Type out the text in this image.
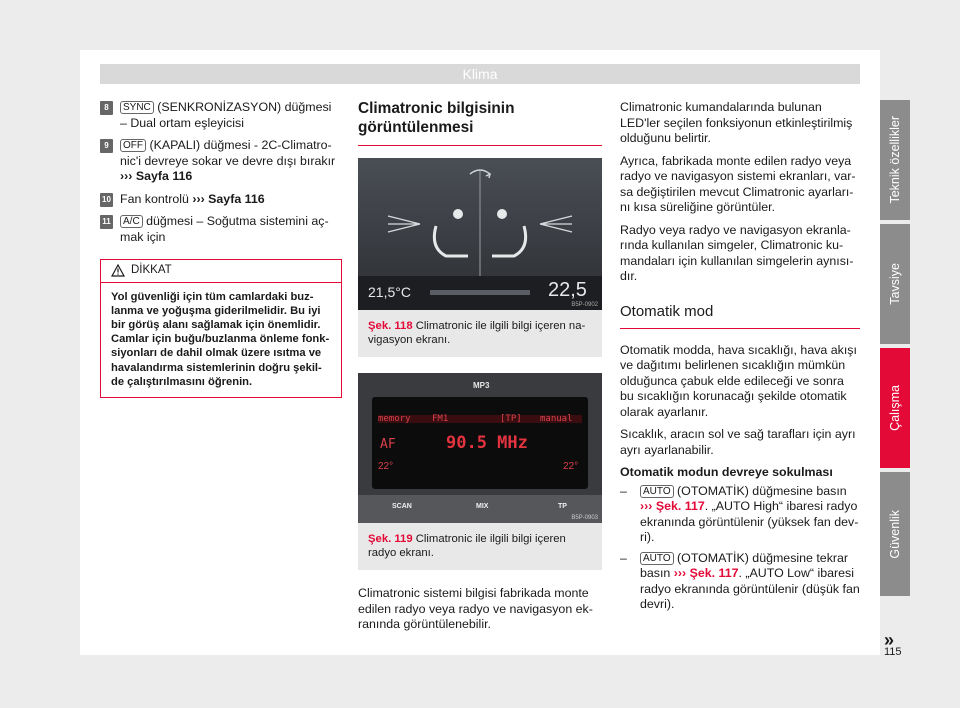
Klima
8	SYNC (SENKRONİZASYON) düğmesi – Dual ortam eşleyicisi
9	OFF (KAPALI) düğmesi - 2C-Climatro-nic'i devreye sokar ve devre dışı bırakır ››› Sayfa 116
10 Fan kontrolü ››› Sayfa 116
11 A/C düğmesi – Soğutma sistemini aç-mak için
DİKKAT
Yol güvenliği için tüm camlardaki buz-lanma ve yoğuşma giderilmelidir. Bu iyi bir görüş alanı sağlamak için önemlidir. Camlar için buğu/buzlanma önleme fonk-siyonları de dahil olmak üzere ısıtma ve havalandırma sistemlerinin doğru şekil-de çalıştırılmasını öğrenin.
Climatronic bilgisinin görüntülenmesi
21,5°C	22,5
B5P-0902
Şek. 118 Climatronic ile ilgili bilgi içeren na-vigasyon ekranı.
MP3
memory FM1	[TP] manual
AF	90.5 MHz
22°	22°
SCAN	MIX	TP
B5P-0903
Şek. 119 Climatronic ile ilgili bilgi içeren radyo ekranı.
Climatronic sistemi bilgisi fabrikada monte edilen radyo veya radyo ve navigasyon ek-ranında görüntülenebilir.
Climatronic kumandalarında bulunan LED'ler seçilen fonksiyonun etkinleştirilmiş olduğunu belirtir.
Ayrıca, fabrikada monte edilen radyo veya radyo ve navigasyon sistemi ekranları, var-sa değiştirilen mevcut Climatronic ayarları-nı kısa süreliğine görüntüler.
Radyo veya radyo ve navigasyon ekranla-rında kullanılan simgeler, Climatronic ku-mandaları için kullanılan simgelerin aynısı-dır.
Otomatik mod
Otomatik modda, hava sıcaklığı, hava akışı ve dağıtımı belirlenen sıcaklığın mümkün olduğunca çabuk elde edileceği ve sonra bu sıcaklığın korunacağı şekilde otomatik olarak ayarlanır.
Sıcaklık, aracın sol ve sağ tarafları için ayrı ayrı ayarlanabilir.
Otomatik modun devreye sokulması
– AUTO (OTOMATİK) düğmesine basın ››› Şek. 117. „AUTO High“ ibaresi radyo ekranında görüntülenir (yüksek fan dev-ri).
– AUTO (OTOMATİK) düğmesine tekrar basın ››› Şek. 117. „AUTO Low“ ibaresi radyo ekranında görüntülenir (düşük fan devri).
Teknik özellikler
Tavsiye
Çalışma
Güvenlik
»
115
